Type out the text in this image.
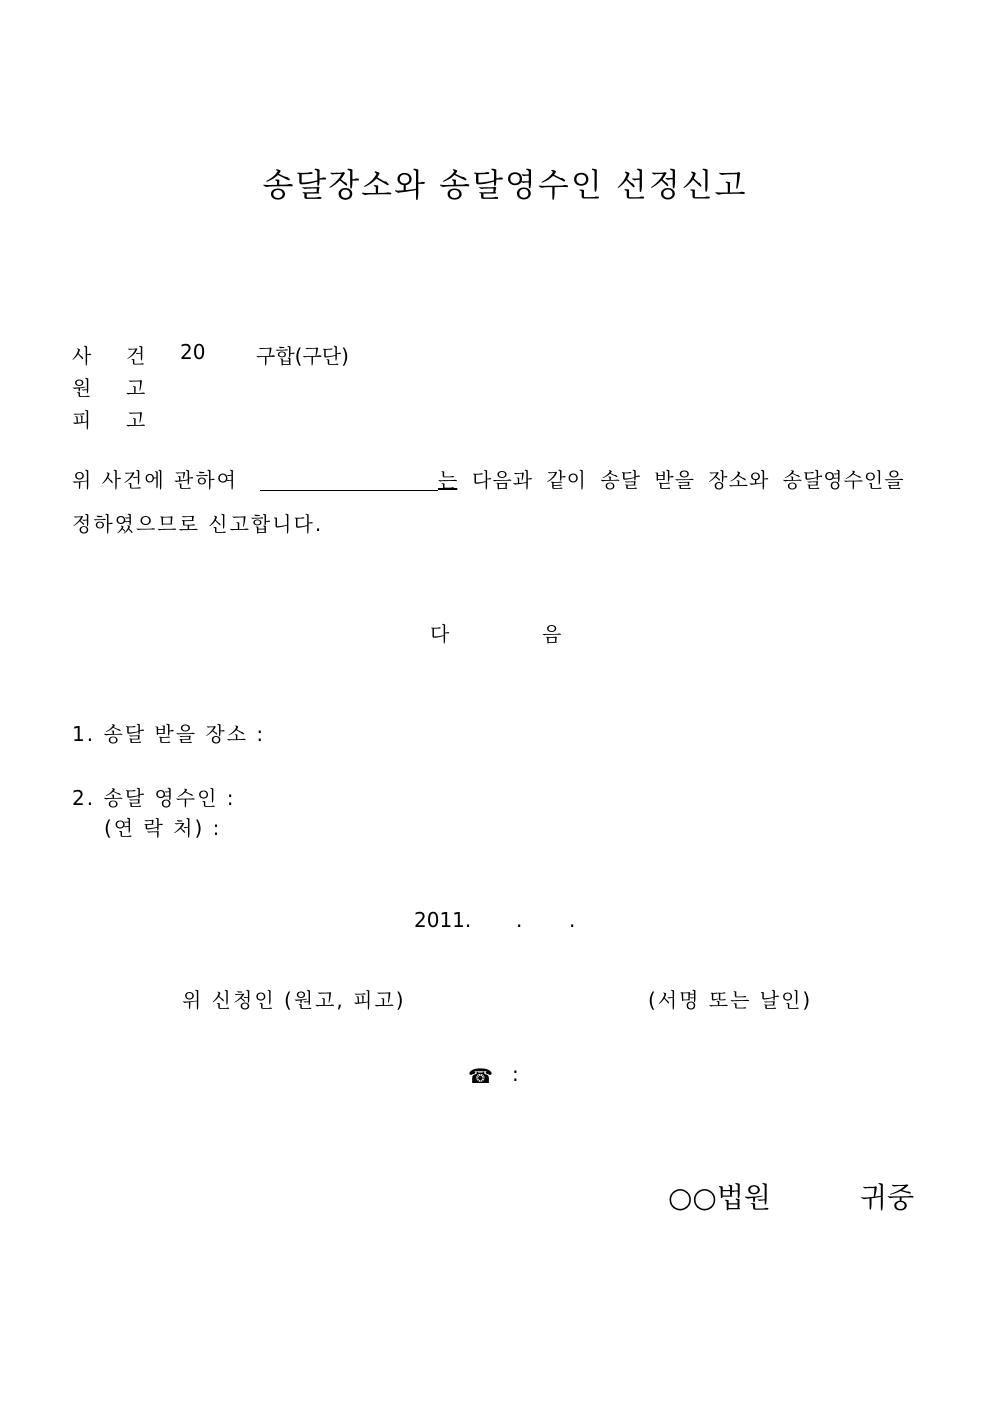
송달장소와 송달영수인 선정신고
사 건 20	구합(구단)
원 고
피 고
위 사건에 관하여	는 다음과 같이 송달 받을 장소와 송달영수인을
정하였으므로 신고합니다.
다	음
1. 송달 받을 장소 :
2. 송달 영수인 :
(연 락 처) :
2011. . .
위 신청인 (원고, 피고)	(서명 또는 날인)
☎ :
○○법원	귀중
